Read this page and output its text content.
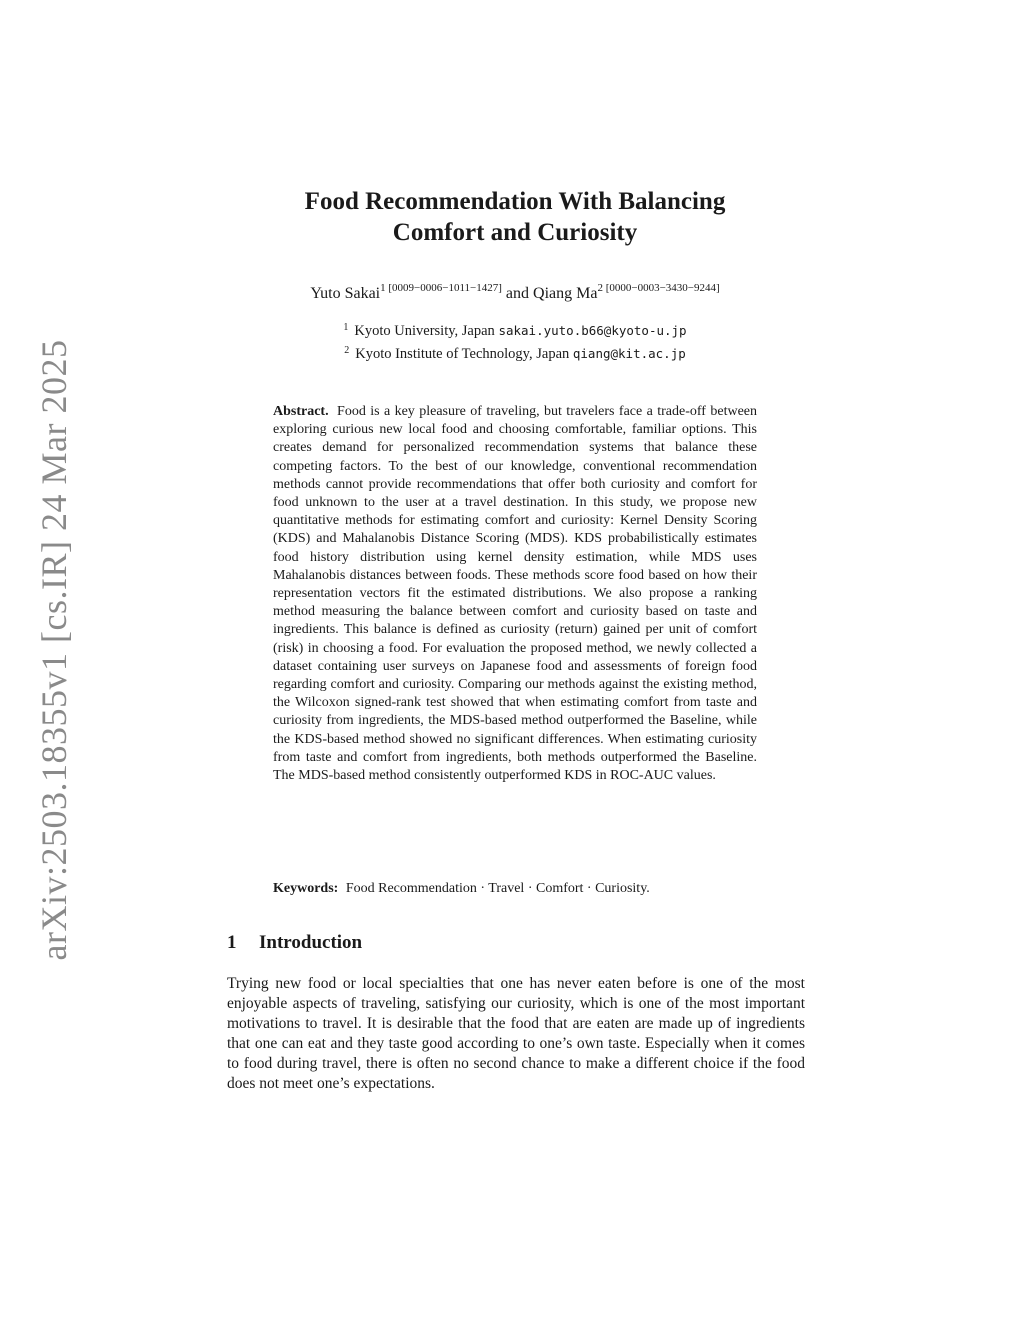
arXiv:2503.18355v1 [cs.IR] 24 Mar 2025
Food Recommendation With Balancing
Comfort and Curiosity
Yuto Sakai$^{1 [0009-0006-1011-1427]}$ and Qiang $Ma^{2 [0000-0003-3430-9244]}$
$^1$ Kyoto University, Japan sakai.yuto.b66@kyoto-u.jp
$^2$ Kyoto Institute of Technology, Japan qiang@kit.ac.jp
Abstract. Food is a key pleasure of traveling, but travelers face a trade-off between exploring curious new local food and choosing comfortable, familiar options. This creates demand for personalized recommendation systems that balance these competing factors. To the best of our knowledge, conventional recommendation methods cannot provide recommendations that offer both curiosity and comfort for food unknown to the user at a travel destination. In this study, we propose new quantitative methods for estimating comfort and curiosity: Kernel Density Scoring (KDS) and Mahalanobis Distance Scoring (MDS). KDS probabilistically estimates food history distribution using kernel density estimation, while MDS uses Mahalanobis distances between foods. These methods score food based on how their representation vectors fit the estimated distributions. We also propose a ranking method measuring the balance between comfort and curiosity based on taste and ingredients. This balance is defined as curiosity (return) gained per unit of comfort (risk) in choosing a food. For evaluation the proposed method, we newly collected a dataset containing user surveys on Japanese food and assessments of foreign food regarding comfort and curiosity. Comparing our methods against the existing method, the Wilcoxon signed-rank test showed that when estimating comfort from taste and curiosity from ingredients, the MDS-based method outperformed the Baseline, while the KDS-based method showed no significant differences. When estimating curiosity from taste and comfort from ingredients, both methods outperformed the Baseline. The MDS-based method consistently outperformed KDS in ROC-AUC values.
Keywords: Food Recommendation · Travel · Comfort · Curiosity.
1 Introduction
Trying new food or local specialties that one has never eaten before is one of the most enjoyable aspects of traveling, satisfying our curiosity, which is one of the most important motivations to travel. It is desirable that the food that are eaten are made up of ingredients that one can eat and they taste good according to one’s own taste. Especially when it comes to food during travel, there is often no second chance to make a different choice if the food does not meet one’s expectations.
